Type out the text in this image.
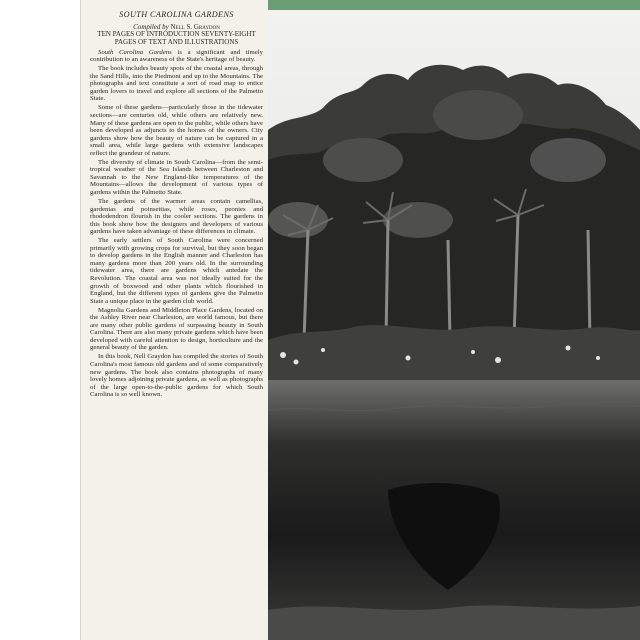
SOUTH CAROLINA GARDENS

Compiled by Nell S. Graydon

TEN PAGES OF INTRODUCTION SEVENTY-EIGHT PAGES OF TEXT AND ILLUSTRATIONS

South Carolina Gardens is a significant and timely contribution to an awareness of the State's heritage of beauty.

The book includes beauty spots of the coastal areas, through the Sand Hills, into the Piedmont and up to the Mountains. The photographs and text constitute a sort of road map to entice garden lovers to travel and explore all sections of the Palmetto State.

Some of these gardens—particularly those in the tidewater sections—are centuries old, while others are relatively new. Many of these gardens are open to the public, while others have been developed as adjuncts to the homes of the owners. City gardens show how the beauty of nature can be captured in a small area, while large gardens with extensive landscapes reflect the grandeur of nature.

The diversity of climate in South Carolina—from the semi-tropical weather of the Sea Islands between Charleston and Savannah to the New England-like temperatures of the Mountains—allows the development of various types of gardens within the Palmetto State.

The gardens of the warmer areas contain camellias, gardenias and poinsettias, while roses, peonies and rhododendron flourish in the cooler sections. The gardens in this book show how the designers and developers of various gardens have taken advantage of these differences in climate.

The early settlers of South Carolina were concerned primarily with growing crops for survival, but they soon began to develop gardens in the English manner and Charleston has many gardens more than 200 years old. In the surrounding tidewater area, there are gardens which antedate the Revolution. The coastal area was not ideally suited for the growth of boxwood and other plants which flourished in England, but the different types of gardens give the Palmetto State a unique place in the garden club world.

Magnolia Gardens and Middleton Place Gardens, located on the Ashley River near Charleston, are world famous, but there are many other public gardens of surpassing beauty in South Carolina. There are also many private gardens which have been developed with careful attention to design, horticulture and the general beauty of the garden.

In this book, Nell Graydon has compiled the stories of South Carolina's most famous old gardens and of some comparatively new gardens. The book also contains photographs of many lovely homes adjoining private gardens, as well as photographs of the large open-to-the-public gardens for which South Carolina is so well known.
